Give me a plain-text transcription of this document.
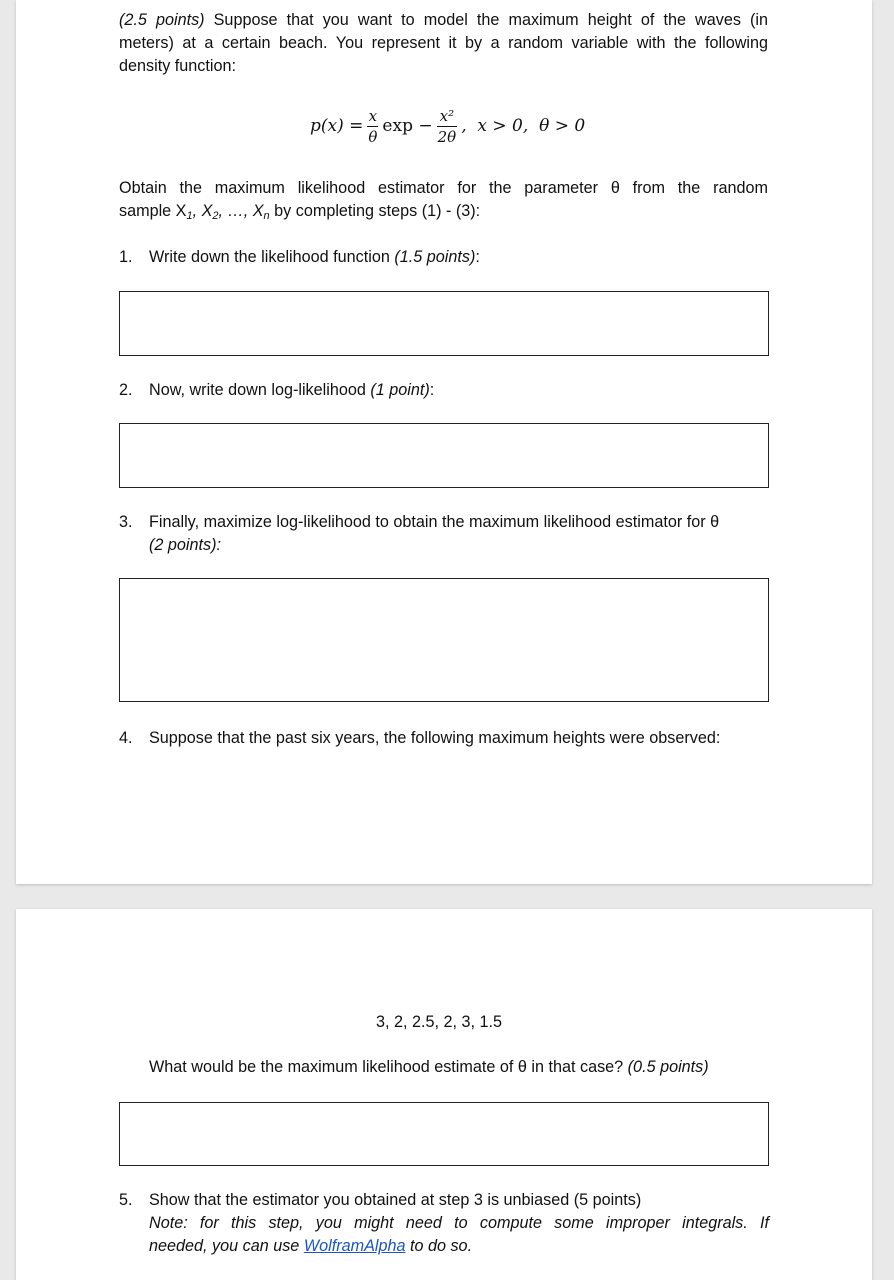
(2.5 points) Suppose that you want to model the maximum height of the waves (in
meters) at a certain beach. You represent it by a random variable with the following
density function:
$p(x) = \frac{x}{\theta}$ $\exp - \frac{\text{x²}}{2\theta}$ ,  x > 0,  θ > 0
Obtain the maximum likelihood estimator for the parameter θ from the random
sample $X_1$, $X_2$, …, $X_n$ by completing steps (1) - (3):
1. Write down the likelihood function (1.5 points):
2. Now, write down log-likelihood (1 point):
3. Finally, maximize log-likelihood to obtain the maximum likelihood estimator for θ
(2 points):
4. Suppose that the past six years, the following maximum heights were observed:
3, 2, 2.5, 2, 3, 1.5
What would be the maximum likelihood estimate of θ in that case? (0.5 points)
5. Show that the estimator you obtained at step 3 is unbiased (5 points)
Note: for this step, you might need to compute some improper integrals. If
needed, you can use WolframAlpha to do so.
